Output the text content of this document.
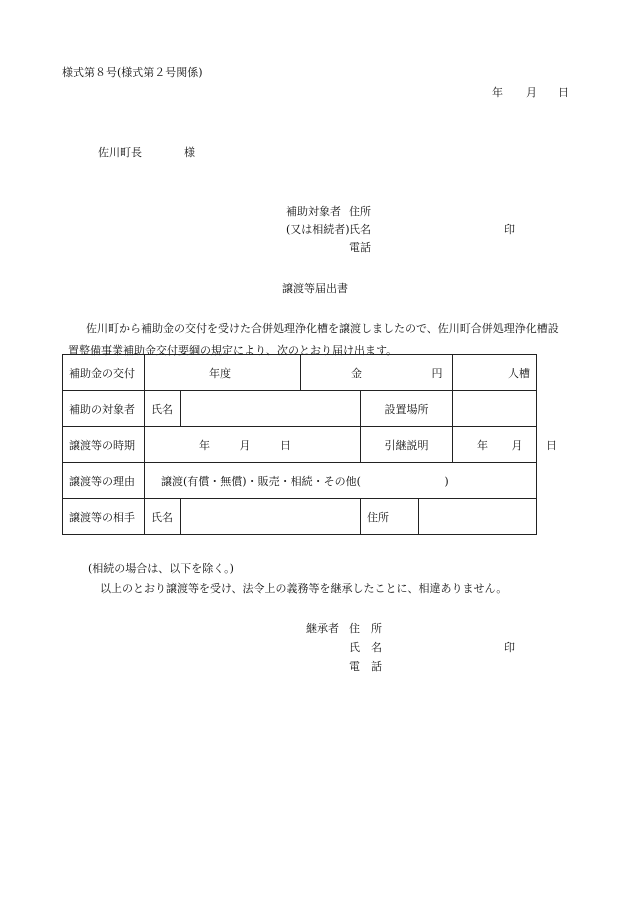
様式第８号(様式第２号関係)
年 月 日
佐川町長	様
補助対象者 住所
(又は相続者) 氏名	印
電話
譲渡等届出書
佐川町から補助金の交付を受けた合併処理浄化槽を譲渡しましたので、佐川町合併処理浄化槽設
置整備事業補助金交付要綱の規定により、次のとおり届け出ます。
補助金の交付	年度		金 円			人槽
補助の対象者	氏名			設置場所		
譲渡等の時期	年 月 日			引継説明		年 月 日
譲渡等の理由	譲渡(有償・無償)・販売・相続・その他( )					
譲渡等の相手	氏名			住所		
(相続の場合は、以下を除く。)
以上のとおり譲渡等を受け、法令上の義務等を継承したことに、相違ありません。
継承者 住　所
氏　名	印
電　話
